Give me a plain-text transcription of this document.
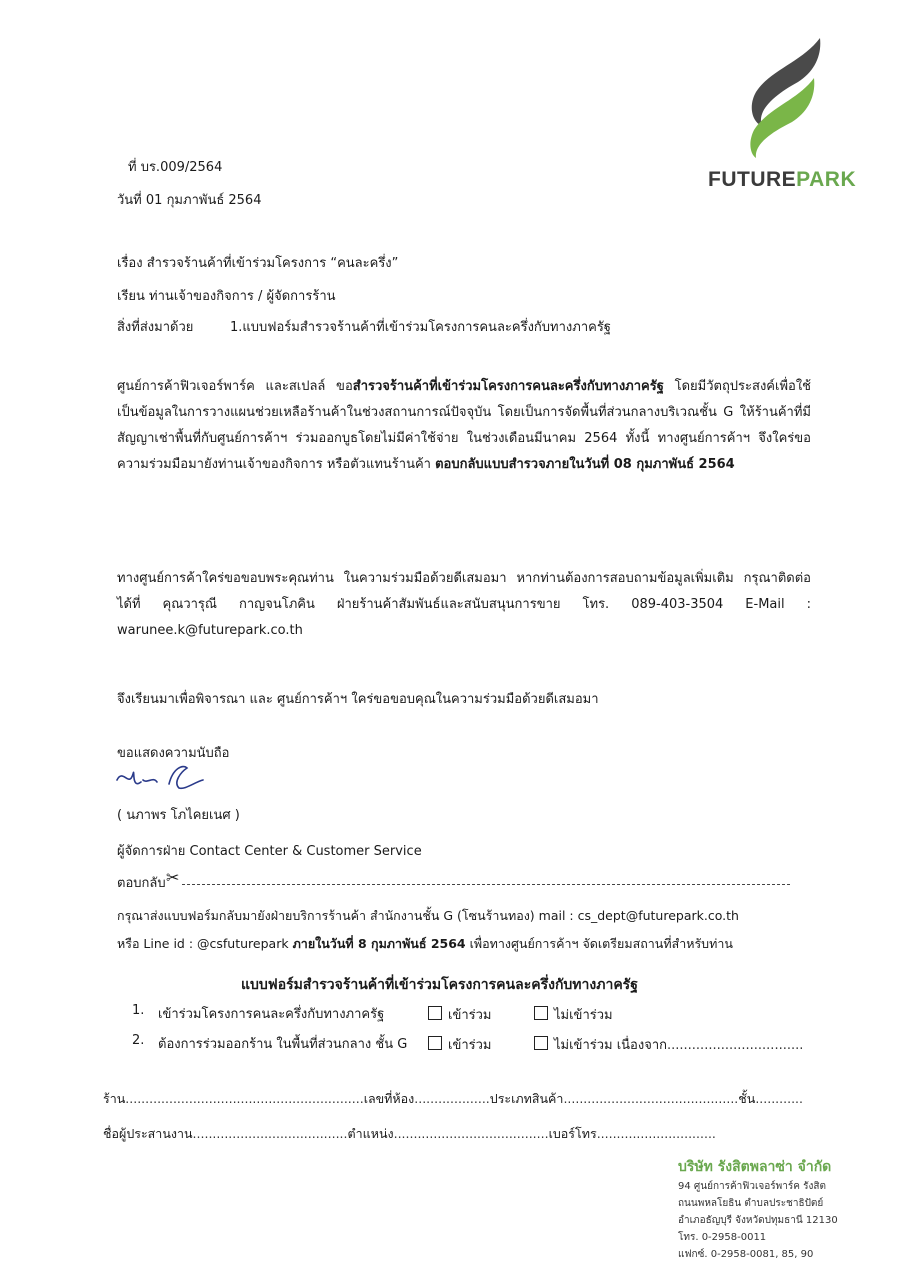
FUTUREPARK
ที่ บร.009/2564
วันที่ 01 กุมภาพันธ์ 2564
เรื่อง สำรวจร้านค้าที่เข้าร่วมโครงการ “คนละครึ่ง”
เรียน ท่านเจ้าของกิจการ / ผู้จัดการร้าน
สิ่งที่ส่งมาด้วย	1.แบบฟอร์มสำรวจร้านค้าที่เข้าร่วมโครงการคนละครึ่งกับทางภาครัฐ

ศูนย์การค้าฟิวเจอร์พาร์ค และสเปลล์ ขอสำรวจร้านค้าที่เข้าร่วมโครงการคนละครึ่งกับทางภาครัฐ โดยมีวัตถุประสงค์เพื่อใช้เป็นข้อมูลในการวางแผนช่วยเหลือร้านค้าในช่วงสถานการณ์ปัจจุบัน โดยเป็นการจัดพื้นที่ส่วนกลางบริเวณชั้น G ให้ร้านค้าที่มีสัญญาเช่าพื้นที่กับศูนย์การค้าฯ ร่วมออกบูธโดยไม่มีค่าใช้จ่าย ในช่วงเดือนมีนาคม 2564 ทั้งนี้ ทางศูนย์การค้าฯ จึงใคร่ขอความร่วมมือมายังท่านเจ้าของกิจการ หรือตัวแทนร้านค้า ตอบกลับแบบสำรวจภายในวันที่ 08 กุมภาพันธ์ 2564

ทางศูนย์การค้าใคร่ขอขอบพระคุณท่าน ในความร่วมมือด้วยดีเสมอมา หากท่านต้องการสอบถามข้อมูลเพิ่มเติม กรุณาติดต่อได้ที่ คุณวารุณี กาญจนโภคิน ฝ่ายร้านค้าสัมพันธ์และสนับสนุนการขาย โทร. 089-403-3504 E-Mail : warunee.k@futurepark.co.th
จึงเรียนมาเพื่อพิจารณา และ ศูนย์การค้าฯ ใคร่ขอขอบคุณในความร่วมมือด้วยดีเสมอมา
ขอแสดงความนับถือ
( นภาพร โภไคยเนศ )
ผู้จัดการฝ่าย Contact Center & Customer Service
ตอบกลับ ✂
กรุณาส่งแบบฟอร์มกลับมายังฝ่ายบริการร้านค้า สำนักงานชั้น G (โซนร้านทอง) mail : cs_dept@futurepark.co.th
หรือ Line id : @csfuturepark ภายในวันที่ 8 กุมภาพันธ์ 2564 เพื่อทางศูนย์การค้าฯ จัดเตรียมสถานที่สำหรับท่าน
แบบฟอร์มสำรวจร้านค้าที่เข้าร่วมโครงการคนละครึ่งกับทางภาครัฐ
1. เข้าร่วมโครงการคนละครึ่งกับทางภาครัฐ	เข้าร่วม	ไม่เข้าร่วม
2. ต้องการร่วมออกร้าน ในพื้นที่ส่วนกลาง ชั้น G	เข้าร่วม	ไม่เข้าร่วม เนื่องจาก.................................
ร้าน............................................................เลขที่ห้อง...................ประเภทสินค้า............................................ชั้น............
ชื่อผู้ประสานงาน.......................................ตำแหน่ง.......................................เบอร์โทร..............................
บริษัท รังสิตพลาซ่า จำกัด
94 ศูนย์การค้าฟิวเจอร์พาร์ค รังสิต
ถนนพหลโยธิน ตำบลประชาธิปัตย์
อำเภอธัญบุรี จังหวัดปทุมธานี 12130
โทร. 0-2958-0011
แฟกซ์. 0-2958-0081, 85, 90
